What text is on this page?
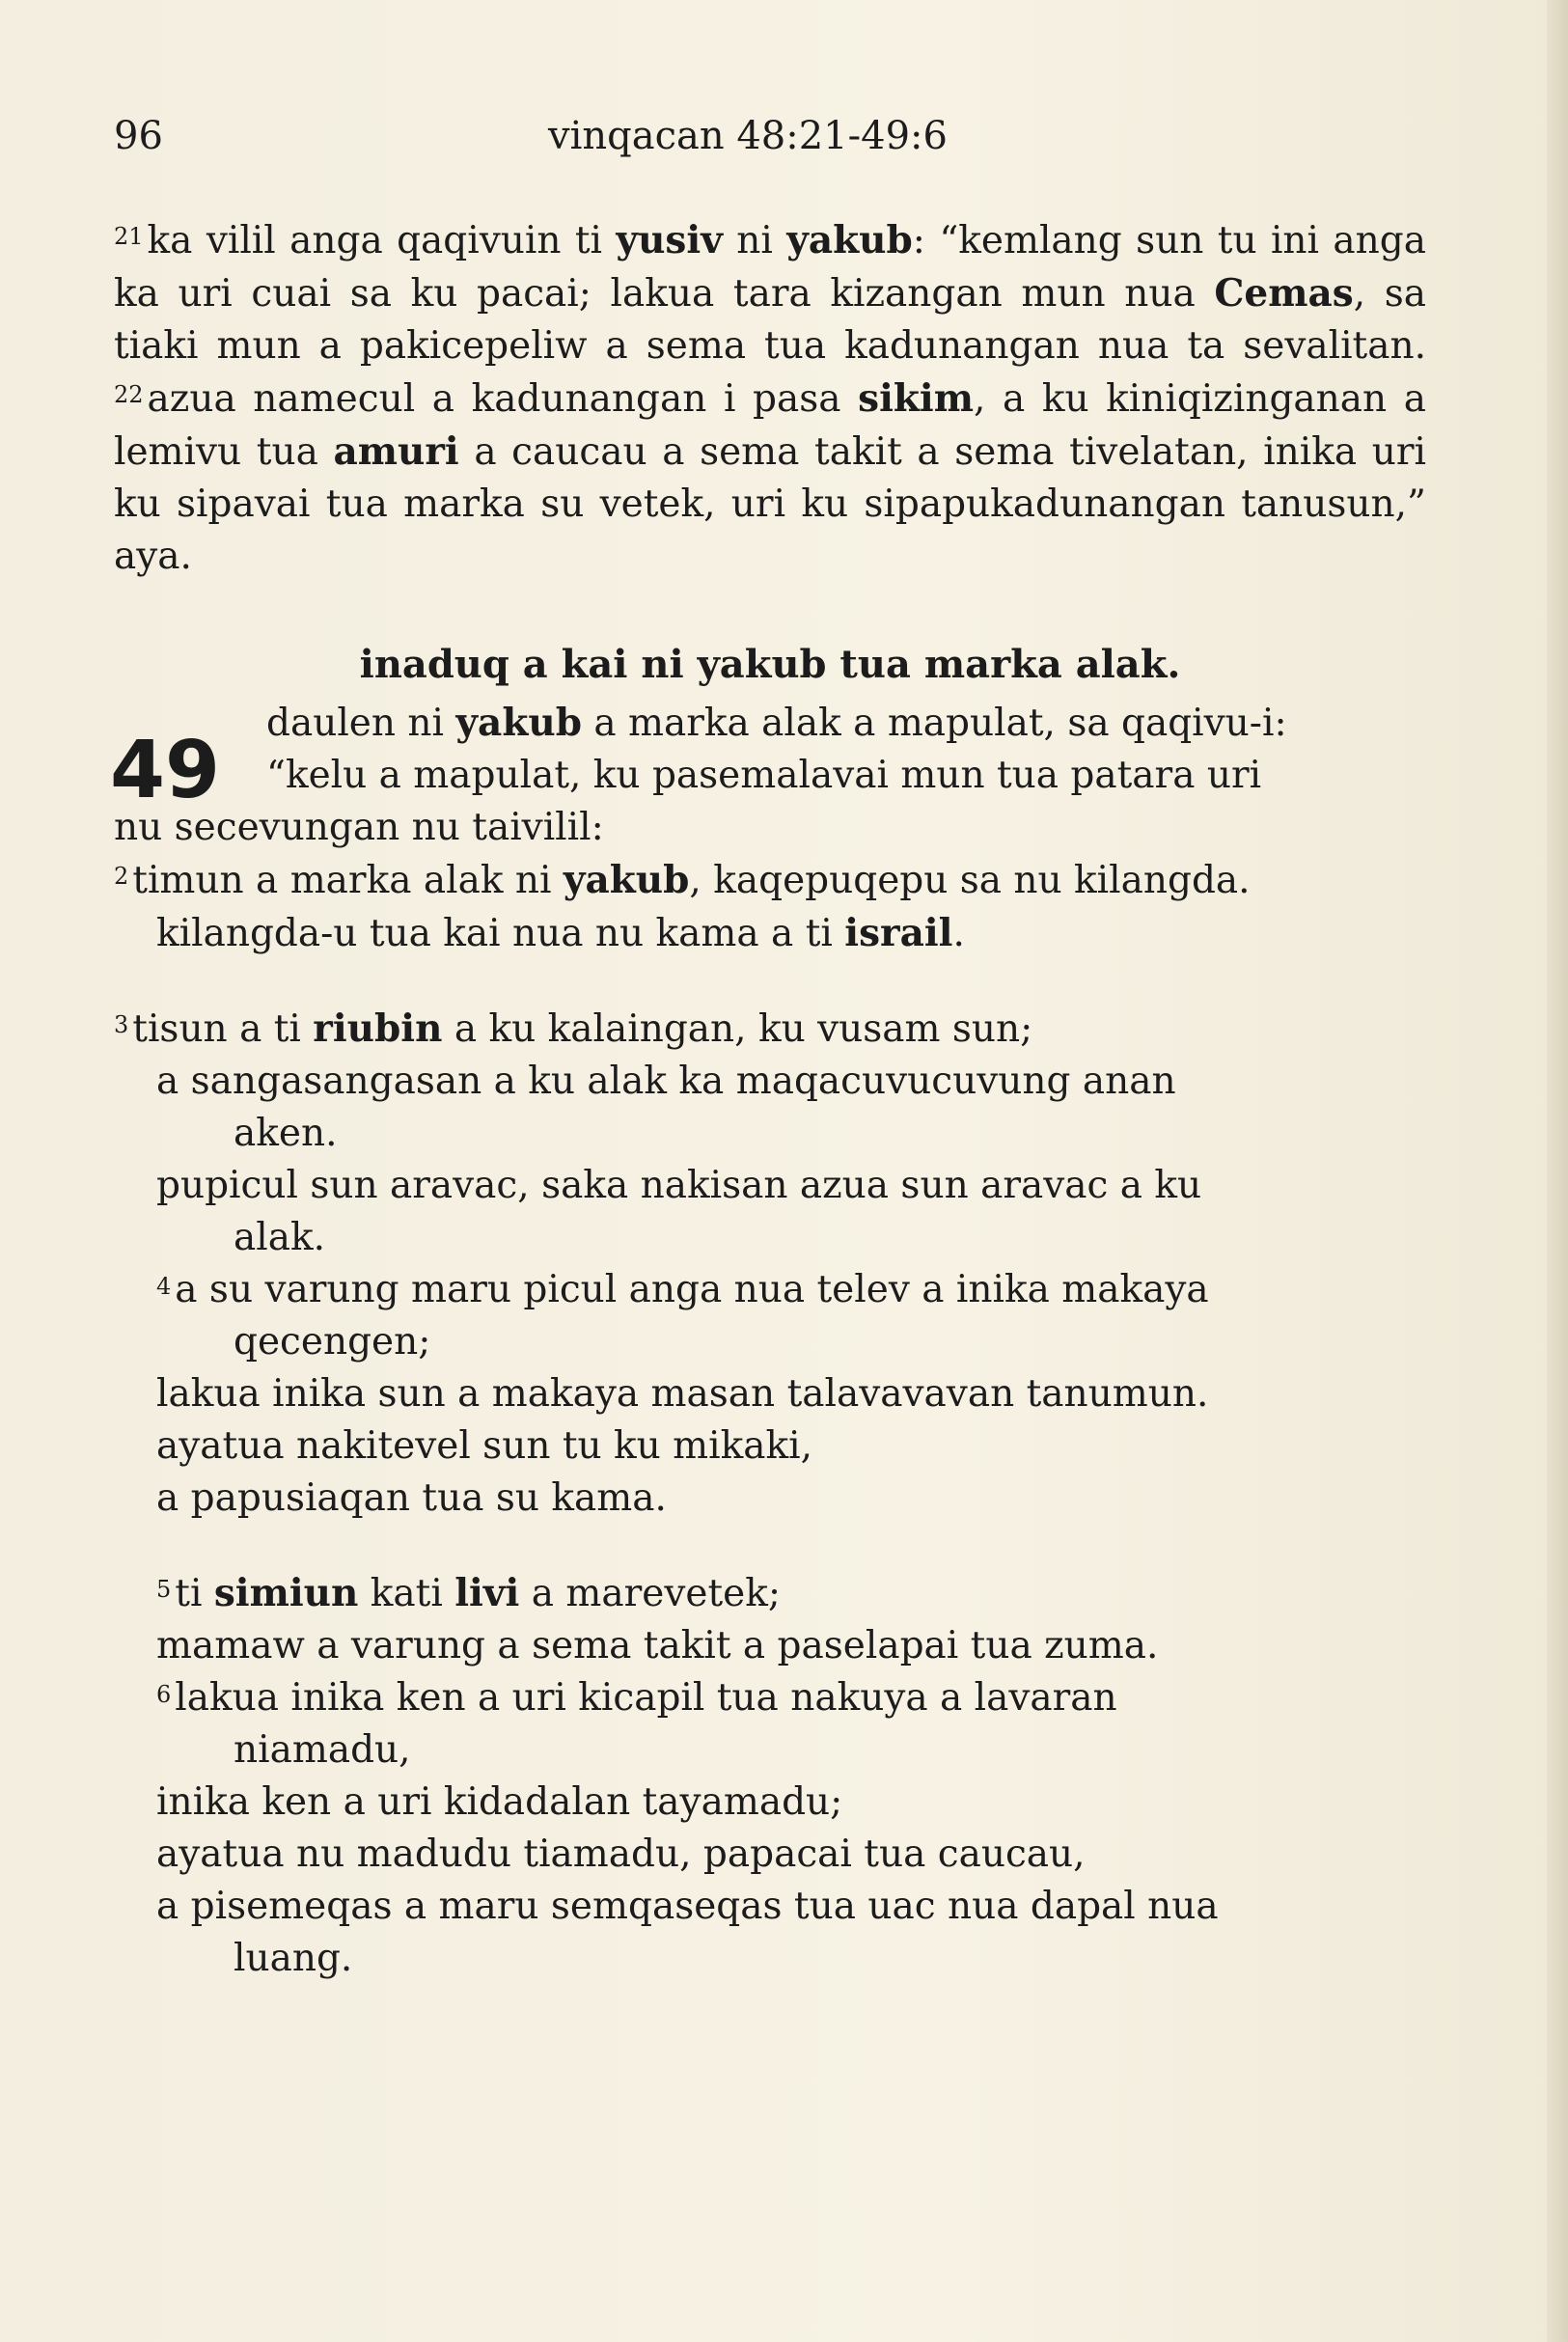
96	vinqacan 48:21-49:6

$^{21}$ ka vilil anga qaqivuin ti yusiv ni yakub: “kemlang sun tu ini anga ka uri cuai sa ku pacai; lakua tara kizangan mun nua Cemas, sa tiaki mun a pakicepeliw a sema tua kadunangan nua ta sevalitan. $^{22}$ azua namecul a kadunangan i pasa sikim, a ku kiniqizinganan a lemivu tua amuri a caucau a sema takit a sema tivelatan, inika uri ku sipavai tua marka su vetek, uri ku sipapukadunangan tanusun,” aya.

inaduq a kai ni yakub tua marka alak.

49

daulen ni yakub a marka alak a mapulat, sa qaqivu-i:

“kelu a mapulat, ku pasemalavai mun tua patara uri

nu secevungan nu taivilil:

$^2$ timun a marka alak ni yakub, kaqepuqepu sa nu kilangda.

kilangda-u tua kai nua nu kama a ti israil.

$^3$ tisun a ti riubin a ku kalaingan, ku vusam sun;

a sangasangasan a ku alak ka maqacuvucuvung anan

aken.

pupicul sun aravac, saka nakisan azua sun aravac a ku

alak.

$^4$ a su varung maru picul anga nua telev a inika makaya

qecengen;

lakua inika sun a makaya masan talavavavan tanumun.

ayatua nakitevel sun tu ku mikaki,

a papusiaqan tua su kama.

$^5$ ti simiun kati livi a marevetek;

mamaw a varung a sema takit a paselapai tua zuma.

$^6$ lakua inika ken a uri kicapil tua nakuya a lavaran

niamadu,

inika ken a uri kidadalan tayamadu;

ayatua nu madudu tiamadu, papacai tua caucau,

a pisemeqas a maru semqaseqas tua uac nua dapal nua

luang.
